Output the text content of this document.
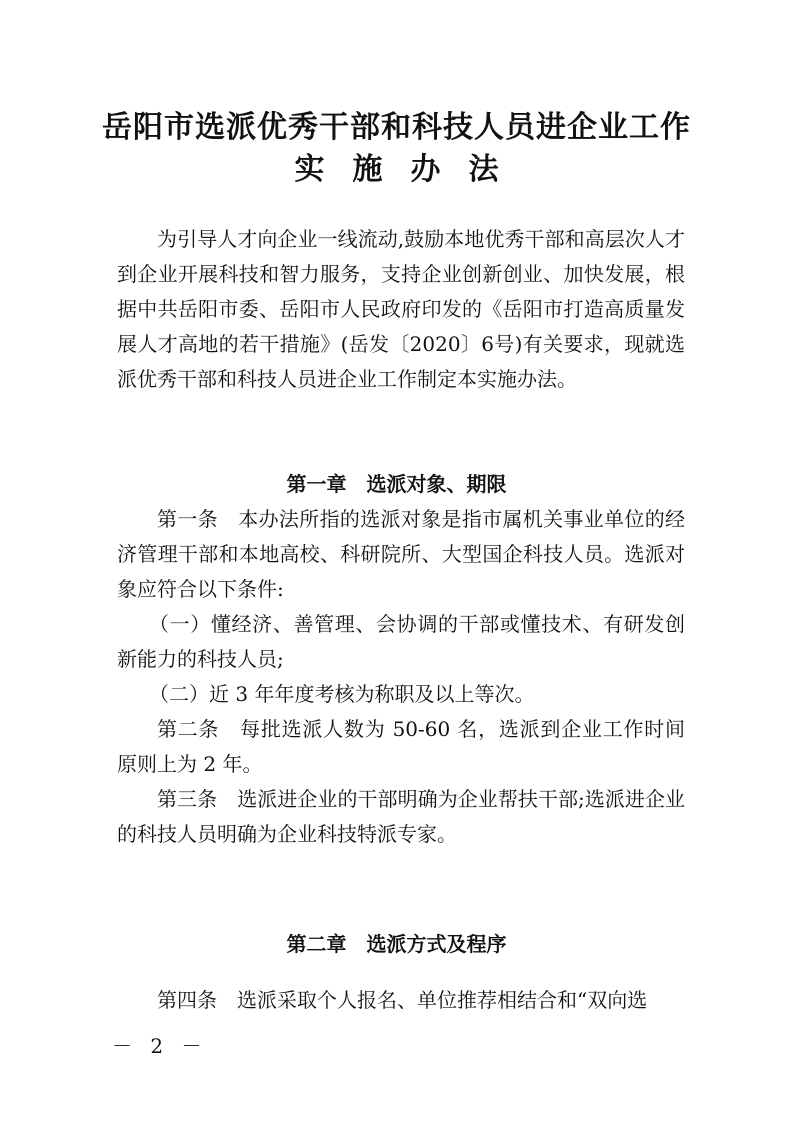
岳阳市选派优秀干部和科技人员进企业工作
实施办法

为引导人才向企业一线流动,鼓励本地优秀干部和高层次人才到企业开展科技和智力服务，支持企业创新创业、加快发展，根据中共岳阳市委、岳阳市人民政府印发的《岳阳市打造高质量发展人才高地的若干措施》(岳发〔2020〕6号)有关要求，现就选派优秀干部和科技人员进企业工作制定本实施办法。

第一章　选派对象、期限

第一条　 本办法所指的选派对象是指市属机关事业单位的经济管理干部和本地高校、科研院所、大型国企科技人员。选派对象应符合以下条件:

（一）懂经济、善管理、会协调的干部或懂技术、有研发创新能力的科技人员;

（二）近 3 年年度考核为称职及以上等次。

第二条　 每批选派人数为 50-60 名，选派到企业工作时间原则上为 2 年。

第三条　 选派进企业的干部明确为企业帮扶干部;选派进企业的科技人员明确为企业科技特派专家。

第二章　选派方式及程序

第四条　 选派采取个人报名、单位推荐相结合和“双向选

－ 2 －
